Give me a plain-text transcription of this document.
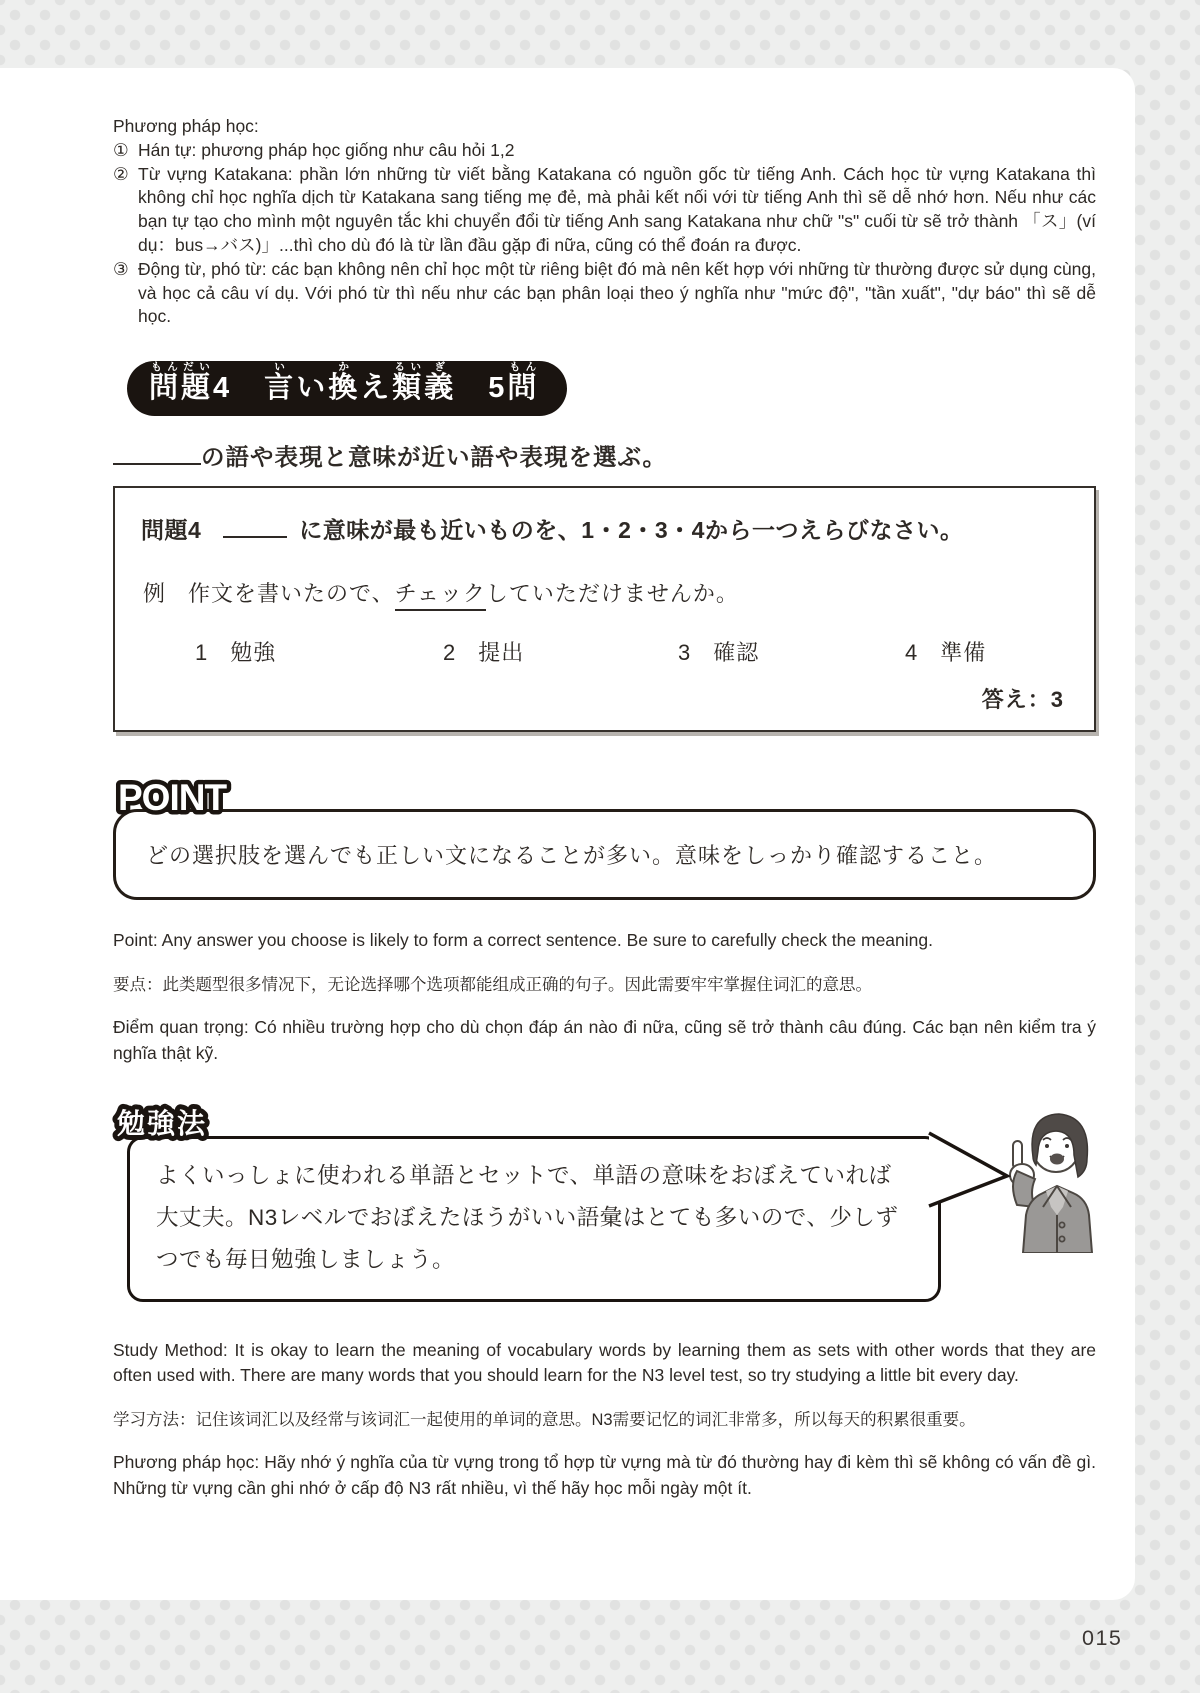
Phương pháp học:

① Hán tự: phương pháp học giống như câu hỏi 1,2
② Từ vựng Katakana: phần lớn những từ viết bằng Katakana có nguồn gốc từ tiếng Anh. Cách học từ vựng Katakana thì không chỉ học nghĩa dịch từ Katakana sang tiếng mẹ đẻ, mà phải kết nối với từ tiếng Anh thì sẽ dễ nhớ hơn. Nếu như các bạn tự tạo cho mình một nguyên tắc khi chuyển đổi từ tiếng Anh sang Katakana như chữ "s" cuối từ sẽ trở thành 「ス」(ví dụ：bus→バス)」...thì cho dù đó là từ lần đầu gặp đi nữa, cũng có thể đoán ra được.
③ Động từ, phó từ: các bạn không nên chỉ học một từ riêng biệt đó mà nên kết hợp với những từ thường được sử dụng cùng, và học cả câu ví dụ. Với phó từ thì nếu như các bạn phân loại theo ý nghĩa như "mức độ", "tần xuất", "dự báo" thì sẽ dễ học.
問題もんだい4　 言いい換かえ類るい義ぎ　5問もん

の語や表現と意味が近い語や表現を選ぶ。

問題4	に意味が最も近いものを、1・2・3・4から一つえらびなさい。

例 作文を書いたので、チェックしていただけませんか。

1 勉強	2 提出	3 確認	4 準備

答え：3

POINT
どの選択肢を選んでも正しい文になることが多い。意味をしっかり確認すること。

Point: Any answer you choose is likely to form a correct sentence. Be sure to carefully check the meaning.

要点：此类题型很多情况下，无论选择哪个选项都能组成正确的句子。因此需要牢牢掌握住词汇的意思。

Điểm quan trọng: Có nhiều trường hợp cho dù chọn đáp án nào đi nữa, cũng sẽ trở thành câu đúng. Các bạn nên kiểm tra ý nghĩa thật kỹ.

勉強法
よくいっしょに使われる単語とセットで、単語の意味をおぼえていれば大丈夫。N3レベルでおぼえたほうがいい語彙はとても多いので、少しずつでも毎日勉強しましょう。

Study Method: It is okay to learn the meaning of vocabulary words by learning them as sets with other words that they are often used with. There are many words that you should learn for the N3 level test, so try studying a little bit every day.

学习方法：记住该词汇以及经常与该词汇一起使用的单词的意思。N3需要记忆的词汇非常多，所以每天的积累很重要。

Phương pháp học: Hãy nhớ ý nghĩa của từ vựng trong tổ hợp từ vựng mà từ đó thường hay đi kèm thì sẽ không có vấn đề gì. Những từ vựng cần ghi nhớ ở cấp độ N3 rất nhiều, vì thế hãy học mỗi ngày một ít.

015
